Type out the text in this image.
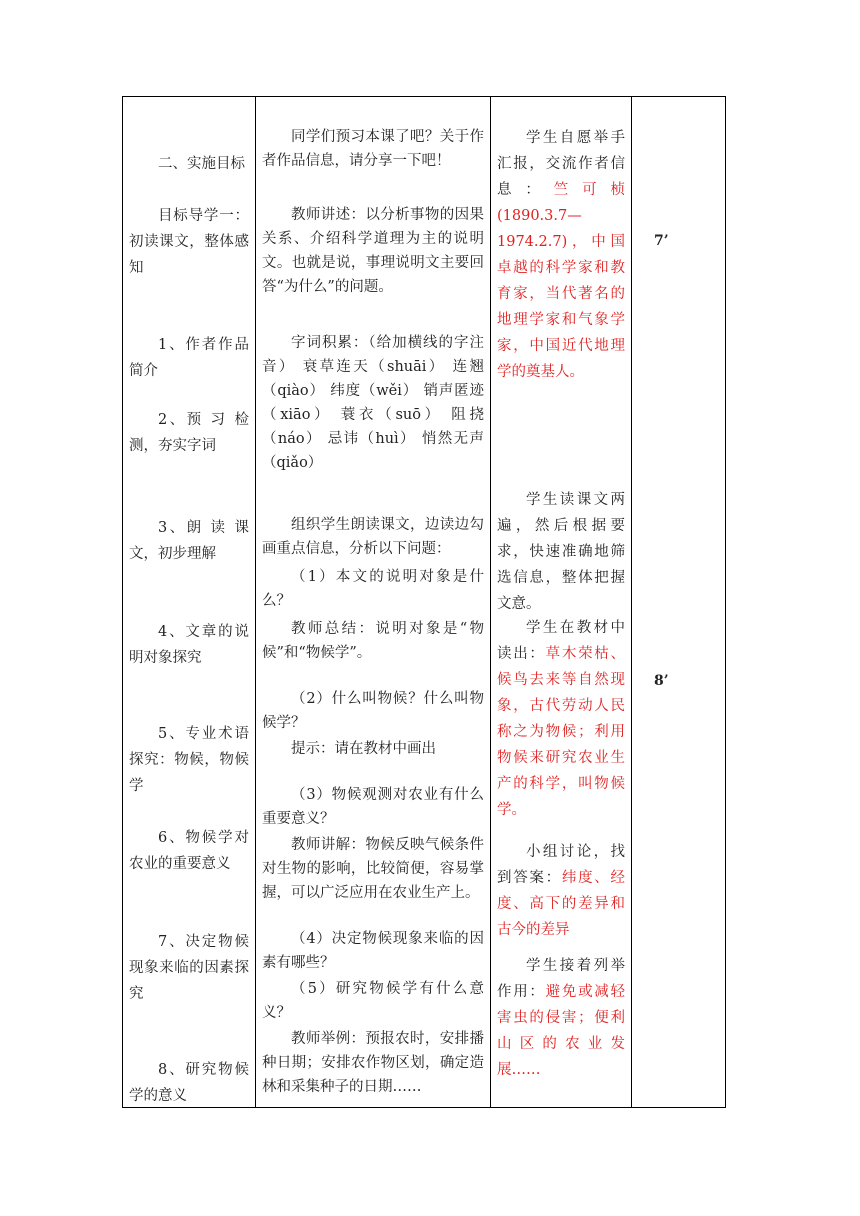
二、实施目标

目标导学一：初读课文，整体感知

1、作者作品简介

2、预 习 检测，夯实字词

3、朗 读 课文，初步理解

4、文章的说明对象探究

5、专业术语探究：物候，物候学

6、物候学对农业的重要意义

7、决定物候现象来临的因素探究

8、研究物候学的意义

同学们预习本课了吧？关于作者作品信息，请分享一下吧！

教师讲述：以分析事物的因果关系、介绍科学道理为主的说明文。也就是说，事理说明文主要回答“为什么”的问题。

字词积累：（给加横线的字注音） 衰草连天（shuāi） 连翘（qiào） 纬度（wěi） 销声匿迹（xiāo） 蓑衣（suō） 阻挠（náo） 忌讳（huì） 悄然无声（qiǎo）

组织学生朗读课文，边读边勾画重点信息，分析以下问题：

（1）本文的说明对象是什么？

教师总结：说明对象是“物候”和“物候学”。

（2）什么叫物候？什么叫物候学？

提示：请在教材中画出

（3）物候观测对农业有什么重要意义？

教师讲解：物候反映气候条件对生物的影响，比较简便，容易掌握，可以广泛应用在农业生产上。

（4）决定物候现象来临的因素有哪些？

（5）研究物候学有什么意义？

教师举例：预报农时，安排播种日期；安排农作物区划，确定造林和采集种子的日期……

学生自愿举手汇报，交流作者信息：竺可桢(1890.3.7—1974.2.7)，中国卓越的科学家和教育家，当代著名的地理学家和气象学家，中国近代地理学的奠基人。

学生读课文两遍，然后根据要求，快速准确地筛选信息，整体把握文意。

学生在教材中读出：草木荣枯、候鸟去来等自然现象，古代劳动人民称之为物候；利用物候来研究农业生产的科学，叫物候学。

小组讨论，找到答案：纬度、经度、高下的差异和古今的差异

学生接着列举作用：避免或减轻害虫的侵害；便利山区的农业发展……

7’
8’
